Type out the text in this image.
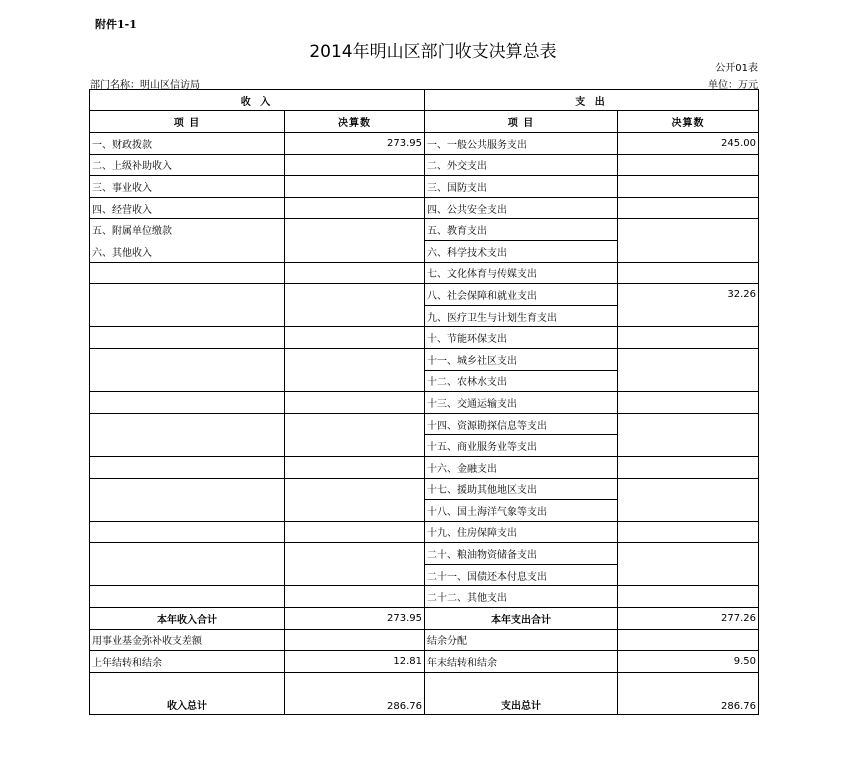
附件1-1
2014年明山区部门收支决算总表
公开01表
部门名称：明山区信访局	单位：万元
收 入		支 出	
项 目	决算数	项 目	决算数
一、财政拨款	273.95	一、一般公共服务支出	245.00
二、上级补助收入		二、外交支出	
三、事业收入		三、国防支出	
四、经营收入		四、公共安全支出	
五、附属单位缴款		五、教育支出	
六、其他收入		六、科学技术支出	
		七、文化体育与传媒支出	
		八、社会保障和就业支出	32.26
		九、医疗卫生与计划生育支出	
		十、节能环保支出	
		十一、城乡社区支出	
		十二、农林水支出	
		十三、交通运输支出	
		十四、资源勘探信息等支出	
		十五、商业服务业等支出	
		十六、金融支出	
		十七、援助其他地区支出	
		十八、国土海洋气象等支出	
		十九、住房保障支出	
		二十、粮油物资储备支出	
		二十一、国债还本付息支出	
		二十二、其他支出	
本年收入合计	273.95	本年支出合计	277.26
用事业基金弥补收支差额		结余分配	
上年结转和结余	12.81	年末结转和结余	9.50
收入总计	286.76	支出总计	286.76
